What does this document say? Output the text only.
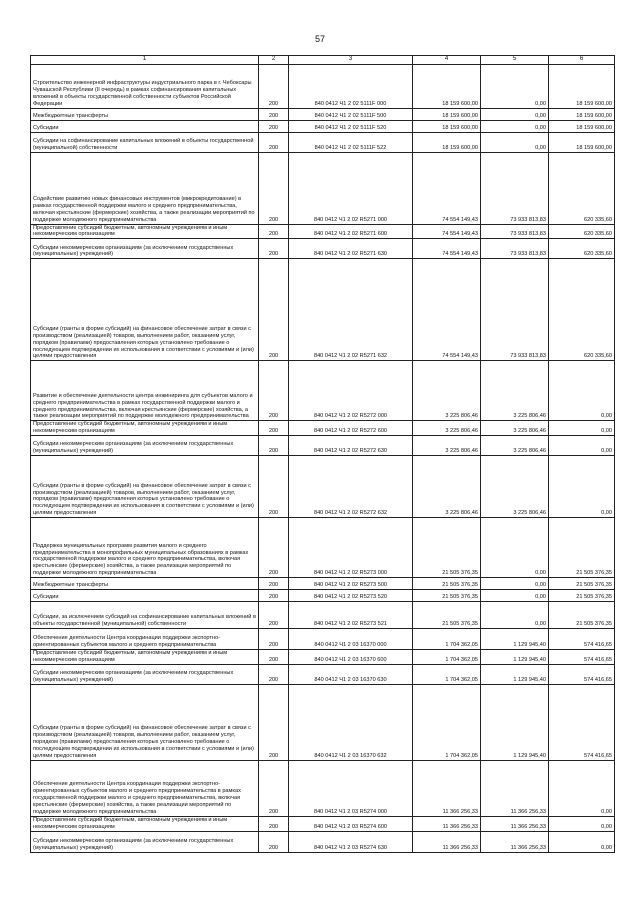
57
1	2	3	4	5	6
Строительство инженерной инфраструктуры индустриального парка в г. Чебоксары Чувашской Республики (II очередь) в рамках софинансирования капитальных вложений в объекты государственной собственности субъектов Российской Федерации	200	840 0412 Ч1 2 02 5111F 000	18 159 600,00	0,00	18 159 600,00
Межбюджетные трансферты	200	840 0412 Ч1 2 02 5111F 500	18 159 600,00	0,00	18 159 600,00
Субсидии	200	840 0412 Ч1 2 02 5111F 520	18 159 600,00	0,00	18 159 600,00
Субсидии на софинансирование капитальных вложений в объекты государственной (муниципальной) собственности	200	840 0412 Ч1 2 02 5111F 522	18 159 600,00	0,00	18 159 600,00
Содействие развитию новых финансовых инструментов (микрокредитование) в рамках государственной поддержки малого и среднего предпринимательства, включая крестьянские (фермерские) хозяйства, а также реализации мероприятий по поддержке молодежного предпринимательства	200	840 0412 Ч1 2 02 R5271 000	74 554 149,43	73 933 813,83	620 335,60
Предоставление субсидий бюджетным, автономным учреждениям и иным некоммерческим организациям	200	840 0412 Ч1 2 02 R5271 600	74 554 149,43	73 933 813,83	620 335,60
Субсидии некоммерческим организациям (за исключением государственных (муниципальных) учреждений)	200	840 0412 Ч1 2 02 R5271 630	74 554 149,43	73 933 813,83	620 335,60
Субсидии (гранты в форме субсидий) на финансовое обеспечение затрат в связи с производством (реализацией) товаров, выполнением работ, оказанием услуг, порядком (правилами) предоставления которых установлено требование о последующем подтверждении их использования в соответствии с условиями и (или) целями предоставления	200	840 0412 Ч1 2 02 R5271 632	74 554 149,43	73 933 813,83	620 335,60
Развитие и обеспечение деятельности центра инжиниринга для субъектов малого и среднего предпринимательства в рамках государственной поддержки малого и среднего предпринимательства, включая крестьянские (фермерские) хозяйства, а также реализации мероприятий по поддержке молодежного предпринимательства	200	840 0412 Ч1 2 02 R5272 000	3 225 806,46	3 225 806,46	0,00
Предоставление субсидий бюджетным, автономным учреждениям и иным некоммерческим организациям	200	840 0412 Ч1 2 02 R5272 600	3 225 806,46	3 225 806,46	0,00
Субсидии некоммерческим организациям (за исключением государственных (муниципальных) учреждений)	200	840 0412 Ч1 2 02 R5272 630	3 225 806,46	3 225 806,46	0,00
Субсидии (гранты в форме субсидий) на финансовое обеспечение затрат в связи с производством (реализацией) товаров, выполнением работ, оказанием услуг, порядком (правилами) предоставления которых установлено требование о последующем подтверждении их использования в соответствии с условиями и (или) целями предоставления	200	840 0412 Ч1 2 02 R5272 632	3 225 806,46	3 225 806,46	0,00
Поддержка муниципальных программ развития малого и среднего предпринимательства в монопрофильных муниципальных образованиях в рамках государственной поддержки малого и среднего предпринимательства, включая крестьянские (фермерские) хозяйства, а также реализации мероприятий по поддержке молодежного предпринимательства	200	840 0412 Ч1 2 02 R5273 000	21 505 376,35	0,00	21 505 376,35
Межбюджетные трансферты	200	840 0412 Ч1 2 02 R5273 500	21 505 376,35	0,00	21 505 376,35
Субсидии	200	840 0412 Ч1 2 02 R5273 520	21 505 376,35	0,00	21 505 376,35
Субсидии, за исключением субсидий на софинансирование капитальных вложений в объекты государственной (муниципальной) собственности	200	840 0412 Ч1 2 02 R5273 521	21 505 376,35	0,00	21 505 376,35
Обеспечение деятельности Центра координации поддержки экспортно-ориентированных субъектов малого и среднего предпринимательства	200	840 0412 Ч1 2 03 16370 000	1 704 362,05	1 129 945,40	574 416,65
Предоставление субсидий бюджетным, автономным учреждениям и иным некоммерческим организациям	200	840 0412 Ч1 2 03 16370 600	1 704 362,05	1 129 945,40	574 416,65
Субсидии некоммерческим организациям (за исключением государственных (муниципальных) учреждений)	200	840 0412 Ч1 2 03 16370 630	1 704 362,05	1 129 945,40	574 416,65
Субсидии (гранты в форме субсидий) на финансовое обеспечение затрат в связи с производством (реализацией) товаров, выполнением работ, оказанием услуг, порядком (правилами) предоставления которых установлено требование о последующем подтверждении их использования в соответствии с условиями и (или) целями предоставления	200	840 0412 Ч1 2 03 16370 632	1 704 362,05	1 129 945,40	574 416,65
Обеспечение деятельности Центра координации поддержки экспортно-ориентированных субъектов малого и среднего предпринимательства в рамках государственной поддержки малого и среднего предпринимательства, включая крестьянские (фермерские) хозяйства, а также реализации мероприятий по поддержке молодежного предпринимательства	200	840 0412 Ч1 2 03 R5274 000	11 366 256,33	11 366 256,33	0,00
Предоставление субсидий бюджетным, автономным учреждениям и иным некоммерческим организациям	200	840 0412 Ч1 2 03 R5274 600	11 366 256,33	11 366 256,33	0,00
Субсидии некоммерческим организациям (за исключением государственных (муниципальных) учреждений)	200	840 0412 Ч1 2 03 R5274 630	11 366 256,33	11 366 256,33	0,00
